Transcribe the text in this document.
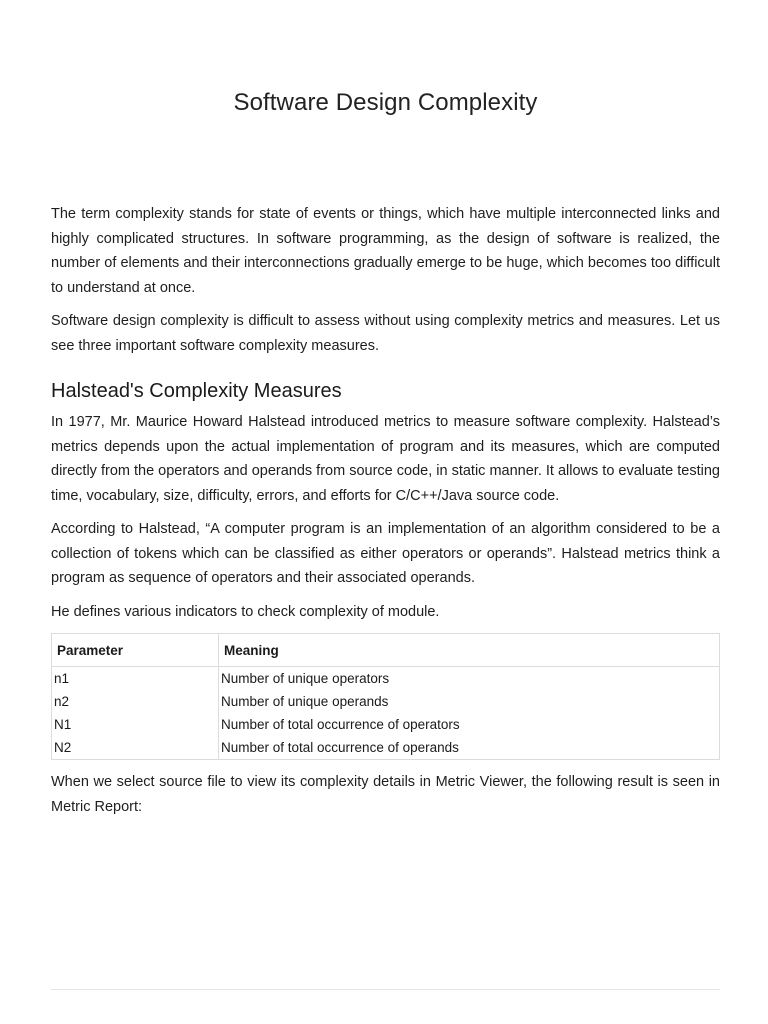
Software Design Complexity

The term complexity stands for state of events or things, which have multiple interconnected links and highly complicated structures. In software programming, as the design of software is realized, the number of elements and their interconnections gradually emerge to be huge, which becomes too difficult to understand at once.

Software design complexity is difficult to assess without using complexity metrics and measures. Let us see three important software complexity measures.

Halstead's Complexity Measures

In 1977, Mr. Maurice Howard Halstead introduced metrics to measure software complexity. Halstead’s metrics depends upon the actual implementation of program and its measures, which are computed directly from the operators and operands from source code, in static manner. It allows to evaluate testing time, vocabulary, size, difficulty, errors, and efforts for C/C++/Java source code.

According to Halstead, “A computer program is an implementation of an algorithm considered to be a collection of tokens which can be classified as either operators or operands”. Halstead metrics think a program as sequence of operators and their associated operands.

He defines various indicators to check complexity of module.

Parameter	Meaning
n1	Number of unique operators
n2	Number of unique operands
N1	Number of total occurrence of operators
N2	Number of total occurrence of operands

When we select source file to view its complexity details in Metric Viewer, the following result is seen in Metric Report:
